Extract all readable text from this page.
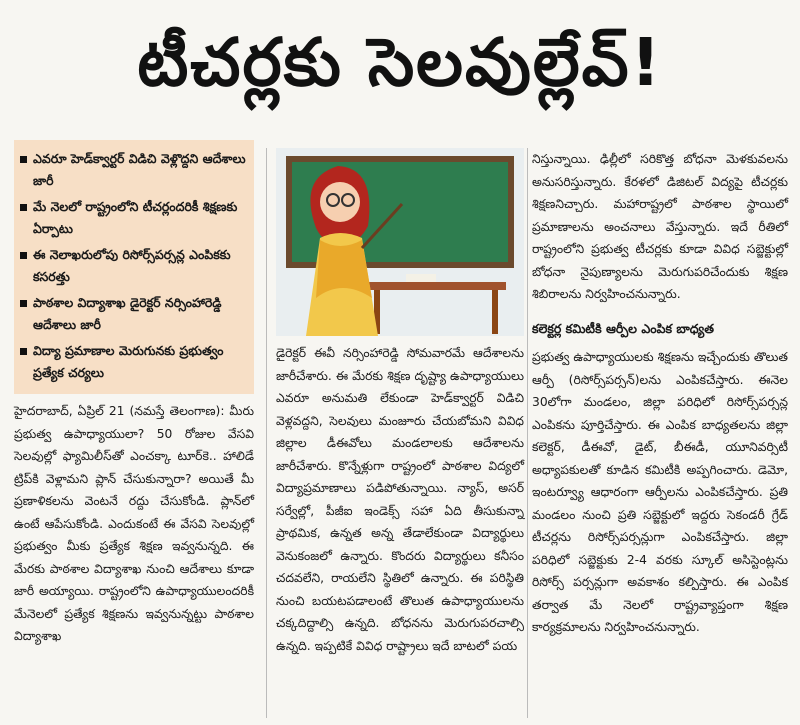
టీచర్లకు సెలవుల్లేవ్!
ఎవరూ హెడ్‌క్వార్టర్ విడిచి వెళ్లొద్దని ఆదేశాలు జారీ
మే నెలలో రాష్ట్రంలోని టీచర్లందరికీ శిక్షణకు ఏర్పాటు
ఈ నెలాఖరులోపు రిసోర్స్‌పర్సన్ల ఎంపికకు కసరత్తు
పాఠశాల విద్యాశాఖ డైరెక్టర్ నర్సింహారెడ్డి ఆదేశాలు జారీ
విద్యా ప్రమాణాల మెరుగునకు ప్రభుత్వం ప్రత్యేక చర్యలు

హైదరాబాద్, ఏప్రిల్ 21 (నమస్తే తెలంగాణ): మీరు ప్రభుత్వ ఉపాధ్యాయులా? 50 రోజుల వేసవి సెలవుల్లో ఫ్యామిలీస్‌తో ఎంచక్కా టూర్‌కె.. హాలిడే ట్రిప్‌కి వెళ్లామని ప్లాన్ చేసుకున్నారా? అయితే మీ ప్రణాళికలను వెంటనే రద్దు చేసుకోండి. ప్లాన్‌లో ఉంటే ఆపేసుకోండి. ఎందుకంటే ఈ వేసవి సెలవుల్లో ప్రభుత్వం మీకు ప్రత్యేక శిక్షణ ఇవ్వనున్నది. ఈ మేరకు పాఠశాల విద్యాశాఖ నుంచి ఆదేశాలు కూడా జారీ అయ్యాయి. రాష్ట్రంలోని ఉపాధ్యాయులందరికీ మేనెలలో ప్రత్యేక శిక్షణను ఇవ్వనున్నట్టు పాఠశాల విద్యాశాఖ

డైరెక్టర్ ఈవీ నర్సింహారెడ్డి సోమవారమే ఆదేశాలను జారీచేశారు. ఈ మేరకు శిక్షణ దృష్ట్యా ఉపాధ్యాయులు ఎవరూ అనుమతి లేకుండా హెడ్‌క్వార్టర్ విడిచి వెళ్లవద్దని, సెలవులు మంజూరు చేయబోమని వివిధ జిల్లాల డీఈవోలు మండలాలకు ఆదేశాలను జారీచేశారు. కొన్నేళ్లుగా రాష్ట్రంలో పాఠశాల విద్యలో విద్యాప్రమాణాలు పడిపోతున్నాయి. న్యాస్, అసర్ సర్వేల్లో, పీజీఐ ఇండెక్స్ సహా ఏది తీసుకున్నా ప్రాథమిక, ఉన్నత అన్న తేడాలేకుండా విద్యార్థులు వెనుకంజలో ఉన్నారు. కొందరు విద్యార్థులు కనీసం చదవలేని, రాయలేని స్థితిలో ఉన్నారు. ఈ పరిస్థితి నుంచి బయటపడాలంటే తొలుత ఉపాధ్యాయులను చక్కదిద్దాల్సి ఉన్నది. బోధనను మెరుగుపరచాల్సి ఉన్నది. ఇప్పటికే వివిధ రాష్ట్రాలు ఇదే బాటలో పయ

నిస్తున్నాయి. ఢిల్లీలో సరికొత్త బోధనా మెళకువలను అనుసరిస్తున్నారు. కేరళలో డిజిటల్ విద్యపై టీచర్లకు శిక్షణనిచ్చారు. మహారాష్ట్రలో పాఠశాల స్థాయిలో ప్రమాణాలను అంచనాలు వేస్తున్నారు. ఇదే రీతిలో రాష్ట్రంలోని ప్రభుత్వ టీచర్లకు కూడా వివిధ సబ్జెక్టుల్లో బోధనా నైపుణ్యాలను మెరుగుపరిచేందుకు శిక్షణ శిబిరాలను నిర్వహించనున్నారు.

కలెక్టర్ల కమిటీకి ఆర్పీల ఎంపిక బాధ్యత

ప్రభుత్వ ఉపాధ్యాయులకు శిక్షణను ఇచ్చేందుకు తొలుత ఆర్పీ (రిసోర్స్‌పర్సన్)లను ఎంపికచేస్తారు. ఈనెల 30లోగా మండలం, జిల్లా పరిధిలో రిసోర్స్‌పర్సన్ల ఎంపికను పూర్తిచేస్తారు. ఈ ఎంపిక బాధ్యతలను జిల్లా కలెక్టర్, డీఈవో, డైట్, బీఈడీ, యూనివర్సిటీ అధ్యాపకులతో కూడిన కమిటీకి అప్పగించారు. డెమో, ఇంటర్వ్యూ ఆధారంగా ఆర్పీలను ఎంపికచేస్తారు. ప్రతి మండలం నుంచి ప్రతి సబ్జెక్టులో ఇద్దరు సెకండరీ గ్రేడ్ టీచర్లను రిసోర్స్‌పర్సన్లుగా ఎంపికచేస్తారు. జిల్లా పరిధిలో సబ్జెక్టుకు 2-4 వరకు స్కూల్ అసిస్టెంట్లను రిసోర్స్ పర్సన్లుగా అవకాశం కల్పిస్తారు. ఈ ఎంపిక తర్వాత మే నెలలో రాష్ట్రవ్యాప్తంగా శిక్షణ కార్యక్రమాలను నిర్వహించనున్నారు.
